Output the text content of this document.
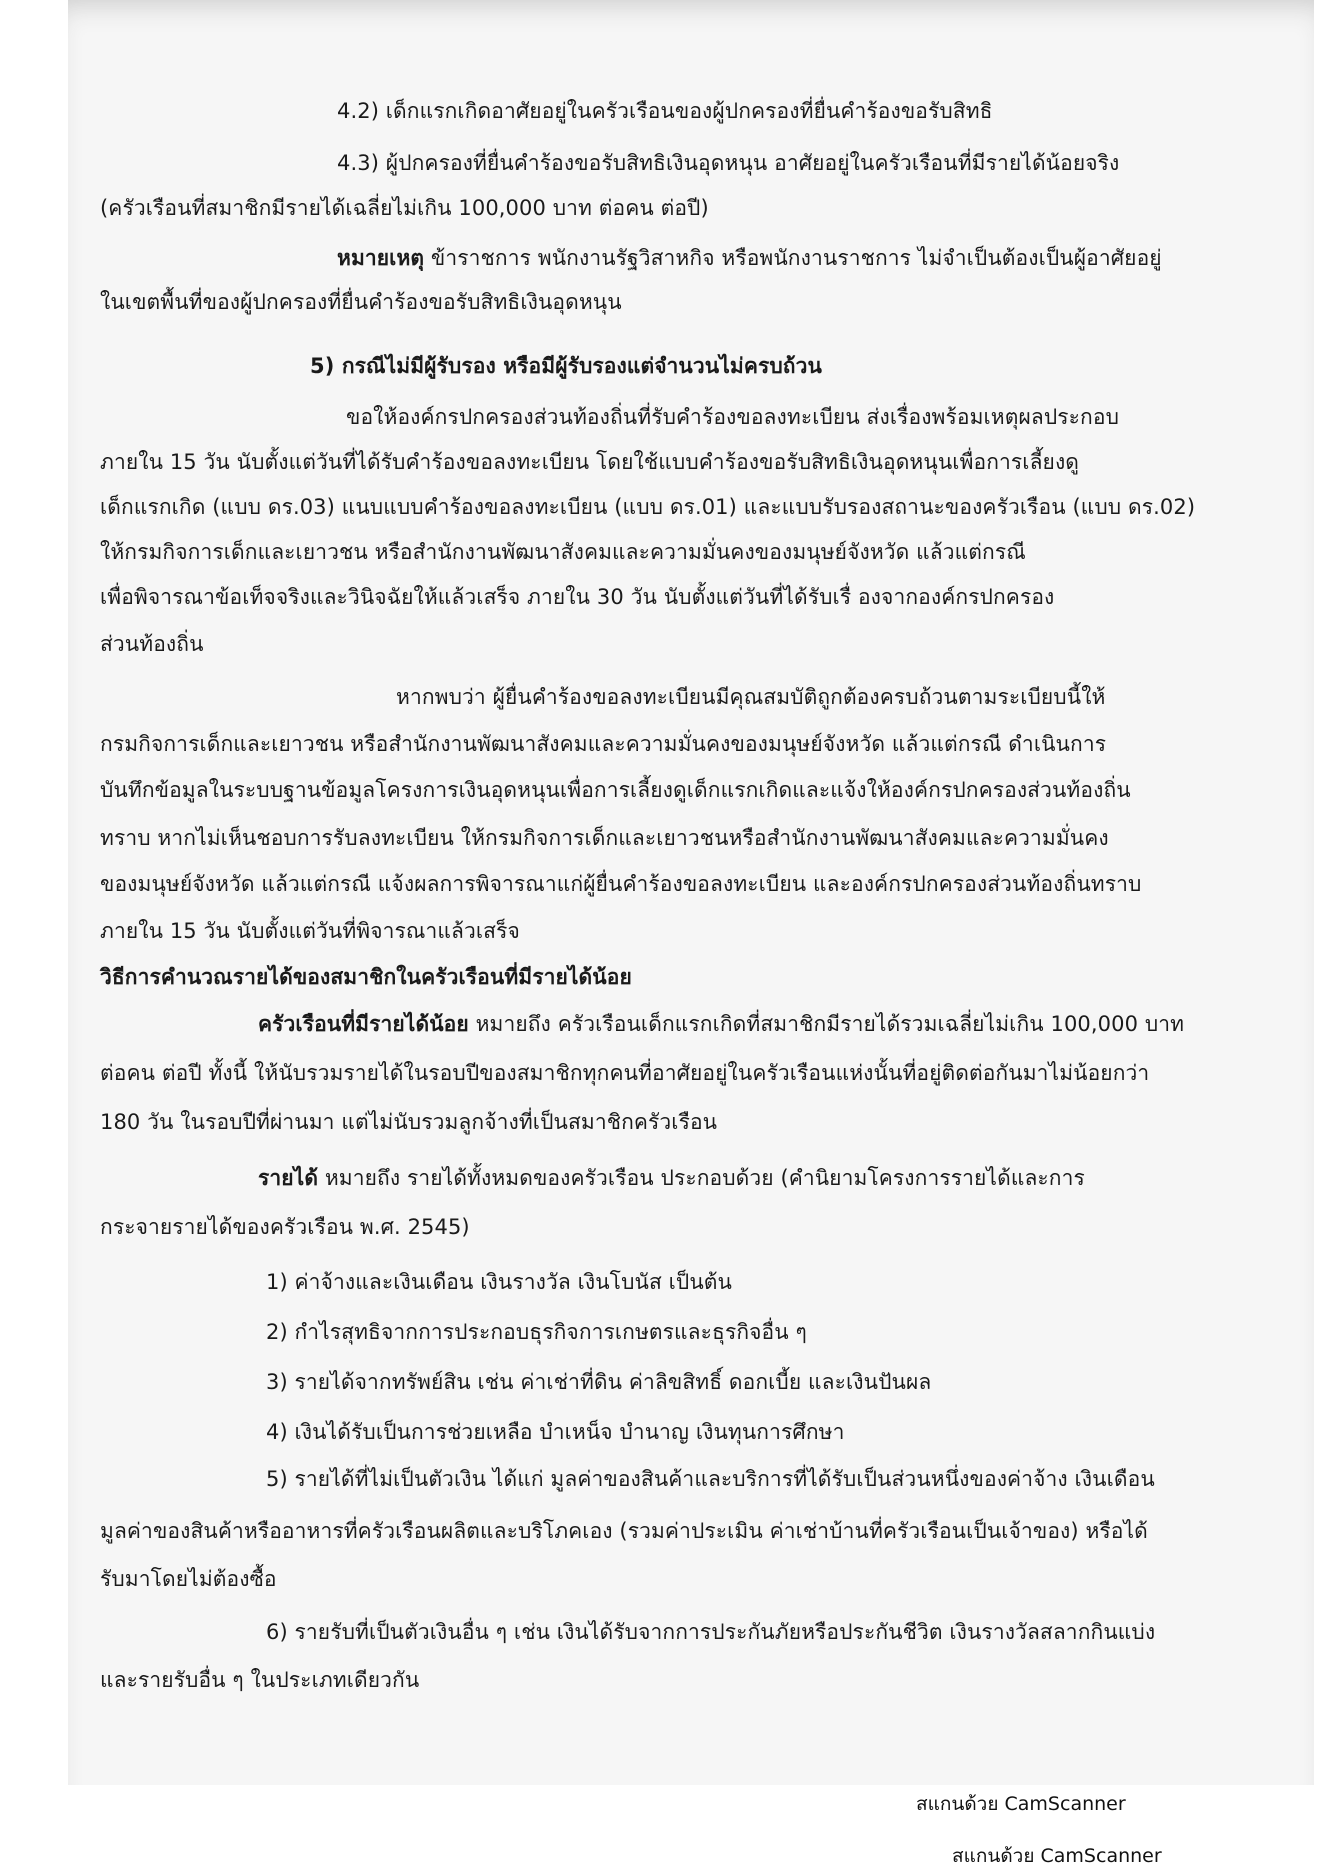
4.2) เด็กแรกเกิดอาศัยอยู่ในครัวเรือนของผู้ปกครองที่ยื่นคำร้องขอรับสิทธิ
4.3) ผู้ปกครองที่ยื่นคำร้องขอรับสิทธิเงินอุดหนุน อาศัยอยู่ในครัวเรือนที่มีรายได้น้อยจริง
(ครัวเรือนที่สมาชิกมีรายได้เฉลี่ยไม่เกิน 100,000 บาท ต่อคน ต่อปี)
หมายเหตุ ข้าราชการ พนักงานรัฐวิสาหกิจ หรือพนักงานราชการ ไม่จำเป็นต้องเป็นผู้อาศัยอยู่
ในเขตพื้นที่ของผู้ปกครองที่ยื่นคำร้องขอรับสิทธิเงินอุดหนุน
5) กรณีไม่มีผู้รับรอง หรือมีผู้รับรองแต่จำนวนไม่ครบถ้วน
ขอให้องค์กรปกครองส่วนท้องถิ่นที่รับคำร้องขอลงทะเบียน ส่งเรื่องพร้อมเหตุผลประกอบ
ภายใน 15 วัน นับตั้งแต่วันที่ได้รับคำร้องขอลงทะเบียน โดยใช้แบบคำร้องขอรับสิทธิเงินอุดหนุนเพื่อการเลี้ยงดู
เด็กแรกเกิด (แบบ ดร.03) แนบแบบคำร้องขอลงทะเบียน (แบบ ดร.01) และแบบรับรองสถานะของครัวเรือน (แบบ ดร.02)
ให้กรมกิจการเด็กและเยาวชน หรือสำนักงานพัฒนาสังคมและความมั่นคงของมนุษย์จังหวัด แล้วแต่กรณี
เพื่อพิจารณาข้อเท็จจริงและวินิจฉัยให้แล้วเสร็จ ภายใน 30 วัน นับตั้งแต่วันที่ได้รับเรื่ องจากองค์กรปกครอง
ส่วนท้องถิ่น
หากพบว่า ผู้ยื่นคำร้องขอลงทะเบียนมีคุณสมบัติถูกต้องครบถ้วนตามระเบียบนี้ให้
กรมกิจการเด็กและเยาวชน หรือสำนักงานพัฒนาสังคมและความมั่นคงของมนุษย์จังหวัด แล้วแต่กรณี ดำเนินการ
บันทึกข้อมูลในระบบฐานข้อมูลโครงการเงินอุดหนุนเพื่อการเลี้ยงดูเด็กแรกเกิดและแจ้งให้องค์กรปกครองส่วนท้องถิ่น
ทราบ หากไม่เห็นชอบการรับลงทะเบียน ให้กรมกิจการเด็กและเยาวชนหรือสำนักงานพัฒนาสังคมและความมั่นคง
ของมนุษย์จังหวัด แล้วแต่กรณี แจ้งผลการพิจารณาแก่ผู้ยื่นคำร้องขอลงทะเบียน และองค์กรปกครองส่วนท้องถิ่นทราบ
ภายใน 15 วัน นับตั้งแต่วันที่พิจารณาแล้วเสร็จ
วิธีการคำนวณรายได้ของสมาชิกในครัวเรือนที่มีรายได้น้อย
ครัวเรือนที่มีรายได้น้อย หมายถึง ครัวเรือนเด็กแรกเกิดที่สมาชิกมีรายได้รวมเฉลี่ยไม่เกิน 100,000 บาท
ต่อคน ต่อปี ทั้งนี้ ให้นับรวมรายได้ในรอบปีของสมาชิกทุกคนที่อาศัยอยู่ในครัวเรือนแห่งนั้นที่อยู่ติดต่อกันมาไม่น้อยกว่า
180 วัน ในรอบปีที่ผ่านมา แต่ไม่นับรวมลูกจ้างที่เป็นสมาชิกครัวเรือน
รายได้ หมายถึง รายได้ทั้งหมดของครัวเรือน ประกอบด้วย (คำนิยามโครงการรายได้และการ
กระจายรายได้ของครัวเรือน พ.ศ. 2545)
1) ค่าจ้างและเงินเดือน เงินรางวัล เงินโบนัส เป็นต้น
2) กำไรสุทธิจากการประกอบธุรกิจการเกษตรและธุรกิจอื่น ๆ
3) รายได้จากทรัพย์สิน เช่น ค่าเช่าที่ดิน ค่าลิขสิทธิ์ ดอกเบี้ย และเงินปันผล
4) เงินได้รับเป็นการช่วยเหลือ บำเหน็จ บำนาญ เงินทุนการศึกษา
5) รายได้ที่ไม่เป็นตัวเงิน ได้แก่ มูลค่าของสินค้าและบริการที่ได้รับเป็นส่วนหนึ่งของค่าจ้าง เงินเดือน
มูลค่าของสินค้าหรืออาหารที่ครัวเรือนผลิตและบริโภคเอง (รวมค่าประเมิน ค่าเช่าบ้านที่ครัวเรือนเป็นเจ้าของ) หรือได้
รับมาโดยไม่ต้องซื้อ
6) รายรับที่เป็นตัวเงินอื่น ๆ เช่น เงินได้รับจากการประกันภัยหรือประกันชีวิต เงินรางวัลสลากกินแบ่ง
และรายรับอื่น ๆ ในประเภทเดียวกัน
สแกนด้วย CamScanner
สแกนด้วย CamScanner
